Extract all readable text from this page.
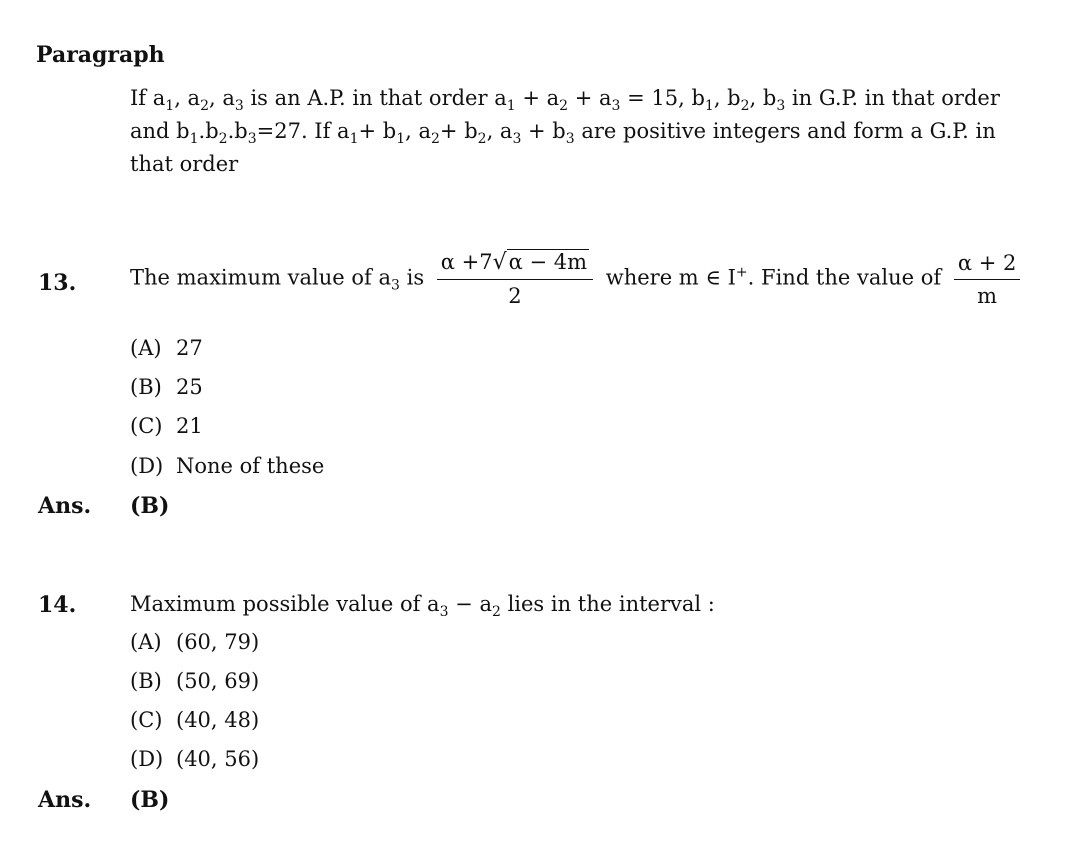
Paragraph
If $a_1$, $a_2$, $a_3$ is an A.P. in that order $a_1 + a_2 + a_3 = 15$, $b_1$, $b_2$, $b_3$ in G.P. in that order
and $b_1.b_2.b_3=27$. If $a_1+ b_1$, $a_2+ b_2$, $a_3 + b_3$ are positive integers and form a G.P. in
that order
13.	The maximum value of $a_3$ is $\frac{\alpha +7√\alpha - 4m}{2}$ where m ∈ I+. Find the value of $\frac{\alpha + 2}{m}$
(A) 27
(B) 25
(C) 21
(D) None of these
Ans. (B)
14.	Maximum possible value of $a_3 - a_2$ lies in the interval :
(A) (60, 79)
(B) (50, 69)
(C) (40, 48)
(D) (40, 56)
Ans. (B)
